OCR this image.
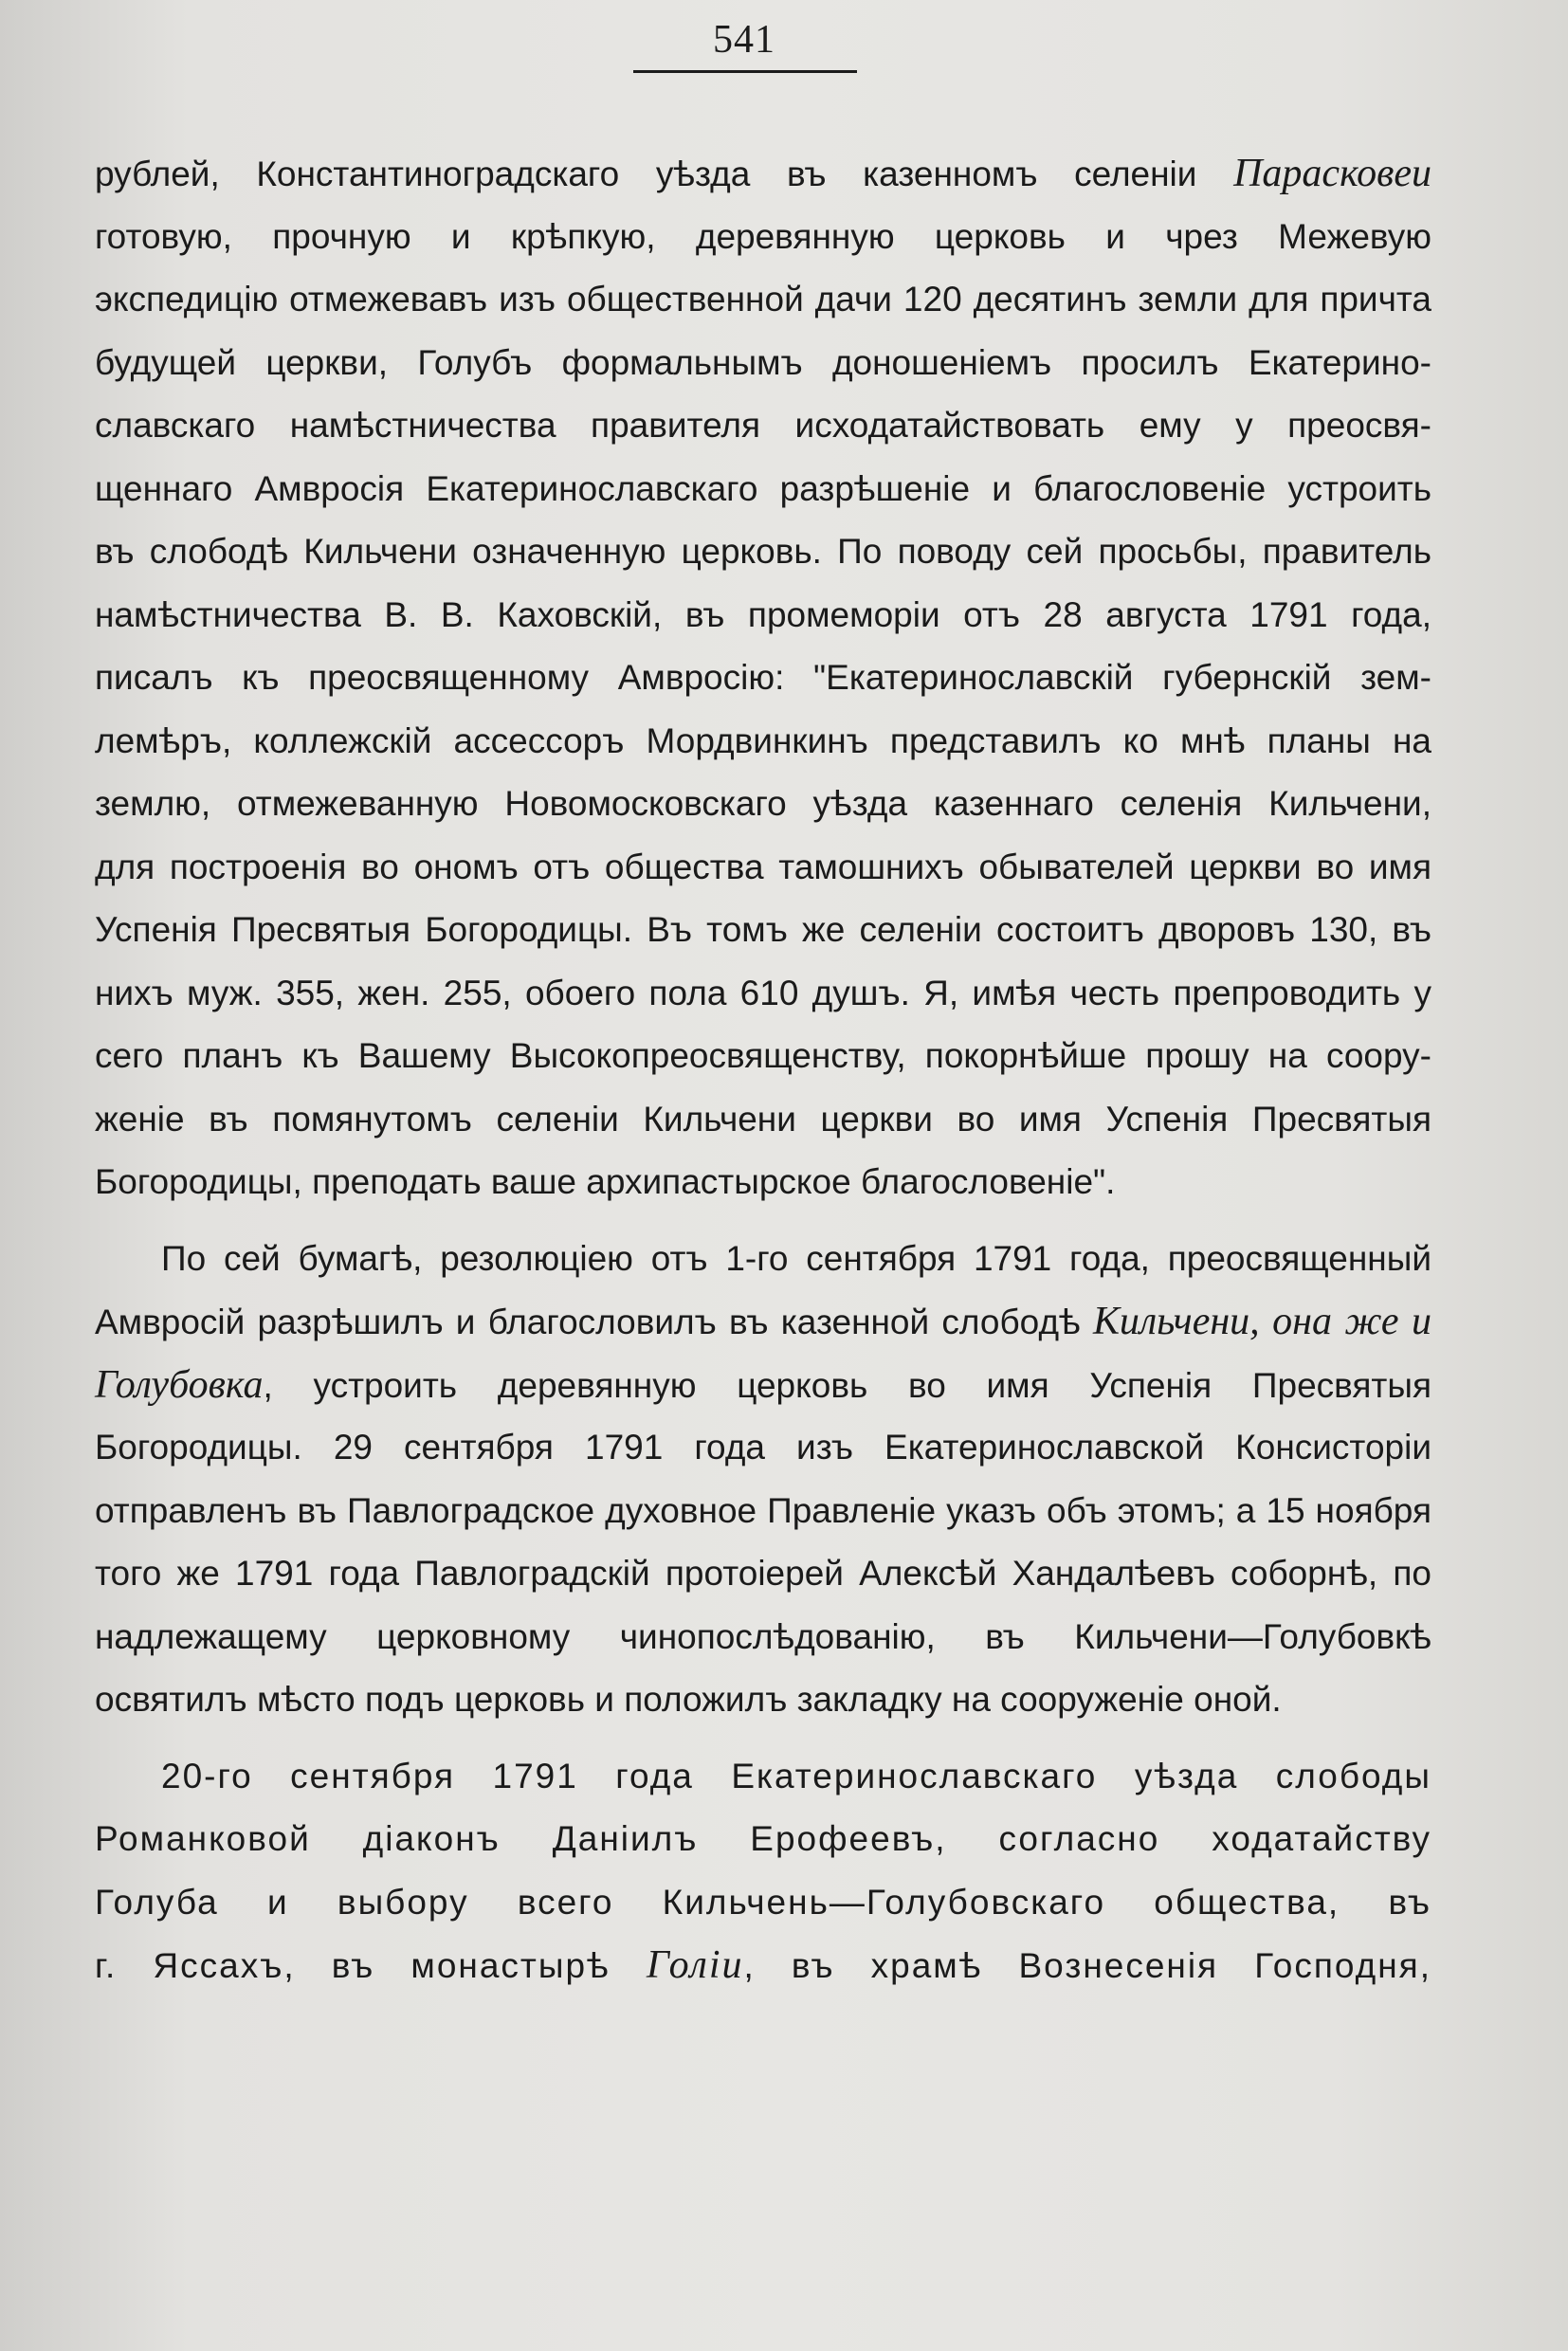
541
рублей, Константиноградскаго уѣзда въ казенномъ селеніи Парасковеи
готовую, прочную и крѣпкую, деревянную церковь и чрез Межевую
экспедицію отмежевавъ изъ общественной дачи 120 десятинъ земли для причта
будущей церкви, Голубъ формальнымъ доношеніемъ просилъ Екатерино-
славскаго намѣстничества правителя исходатайствовать ему у преосвя-
щеннаго Амвросія Екатеринославскаго разрѣшеніе и благословеніе устроить
въ слободѣ Кильчени означенную церковь. По поводу сей просьбы, правитель
намѣстничества В. В. Каховскій, въ промеморіи отъ 28 августа 1791 года,
писалъ къ преосвященному Амвросію: "Екатеринославскій губернскій зем-
лемѣръ, коллежскій ассессоръ Мордвинкинъ представилъ ко мнѣ планы на
землю, отмежеванную Новомосковскаго уѣзда казеннаго селенія Кильчени,
для построенія во ономъ отъ общества тамошнихъ обывателей церкви во имя
Успенія Пресвятыя Богородицы. Въ томъ же селеніи состоитъ дворовъ 130, въ
нихъ муж. 355, жен. 255, обоего пола 610 душъ. Я, имѣя честь препроводить у
сего планъ къ Вашему Высокопреосвященству, покорнѣйше прошу на соору-
женіе въ помянутомъ селеніи Кильчени церкви во имя Успенія Пресвятыя
Богородицы, преподать ваше архипастырское благословеніе".
По сей бумагѣ, резолюціею отъ 1-го сентября 1791 года, преосвященный
Амвросій разрѣшилъ и благословилъ въ казенной слободѣ Кильчени, она же и
Голубовка, устроить деревянную церковь во имя Успенія Пресвятыя
Богородицы. 29 сентября 1791 года изъ Екатеринославской Консисторіи
отправленъ въ Павлоградское духовное Правленіе указъ объ этомъ; а 15 ноября
того же 1791 года Павлоградскій протоіерей Алексѣй Хандалѣевъ соборнѣ, по
надлежащему церковному чинопослѣдованію, въ Кильчени—Голубовкѣ
освятилъ мѣсто подъ церковь и положилъ закладку на сооруженіе оной.
20-го сентября 1791 года Екатеринославскаго уѣзда слободы
Романковой діаконъ Даніилъ Ерофеевъ, согласно ходатайству
Голуба и выбору всего Кильчень—Голубовскаго общества, въ
г. Яссахъ, въ монастырѣ Голіи, въ храмѣ Вознесенія Господня,
